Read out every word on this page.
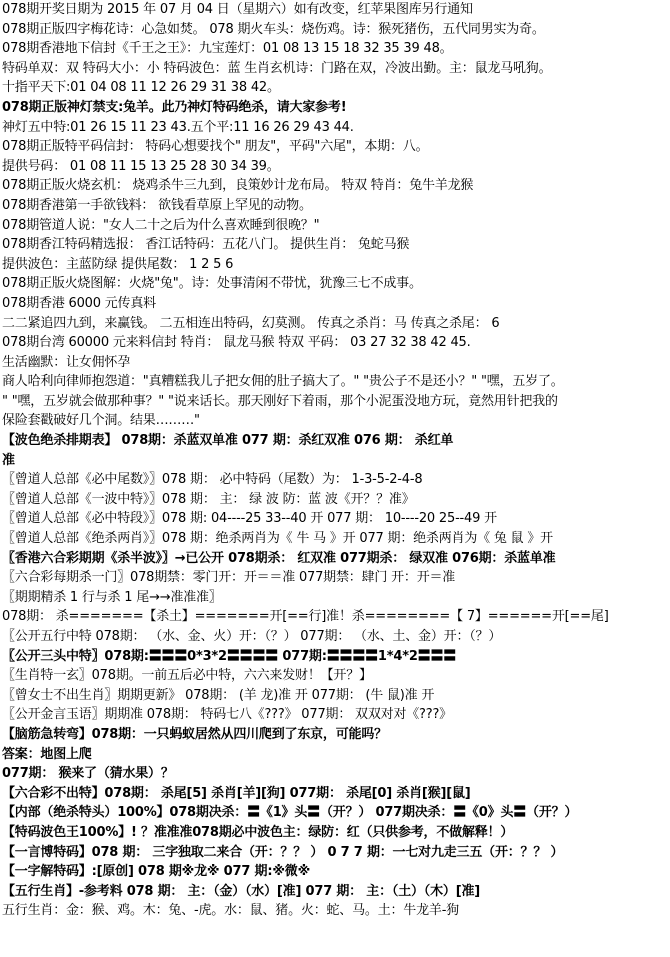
078期开奖日期为 2015 年 07 月 04 日（星期六）如有改变，红苹果图库另行通知
078期正版四字梅花诗：心急如焚。 078 期火车头：烧伤鸡。诗：猴死猪伤，五代同男实为奇。
078期香港地下信封《千王之王》：九宝莲灯：01 08 13 15 18 32 35 39 48。
特码单双：双 特码大小：小 特码波色：蓝 生肖玄机诗：门路在双，冷波出勤。主：鼠龙马吼狗。
十指平天下:01 04 08 11 12 26 29 31 38 42。
078期正版神灯禁支:兔羊。此乃神灯特码绝杀，请大家参考!
神灯五中特:01 26 15 11 23 43.五个平:11 16 26 29 43 44.
078期正版特平码信封： 特码心想要找个" 朋友"，平码"六尾"，本期：八。
提供号码： 01 08 11 15 13 25 28 30 34 39。
078期正版火烧玄机： 烧鸡杀牛三九到，良策妙计龙布局。 特双 特肖：兔牛羊龙猴
078期香港第一手欲钱料： 欲钱看草原上罕见的动物。
078期管道人说："女人二十之后为什么喜欢睡到很晚？"
078期香江特码精选报： 香江话特码：五花八门。 提供生肖： 兔蛇马猴
提供波色：主蓝防绿 提供尾数： 1 2 5 6
078期正版火烧图解：火烧"兔"。诗：处事清闲不带忧，犹豫三七不成事。
078期香港 6000 元传真料
二二紧追四九到，来赢钱。 二五相连出特码，幻莫测。 传真之杀肖：马 传真之杀尾： 6
078期台湾 60000 元来料信封 特肖： 鼠龙马猴 特双 平码： 03 27 32 38 42 45.
生活幽默：让女佣怀孕
商人哈利向律师抱怨道："真糟糕我儿子把女佣的肚子搞大了。" "贵公子不是还小？" "嘿，五岁了。
" "嘿，五岁就会做那种事？" "说来话长。那天刚好下着雨，那个小泥蛋没地方玩，竟然用针把我的
保险套戳破好几个洞。结果………"
【波色绝杀排期表】 078期：杀蓝双单准 077 期：杀红双准 076 期： 杀红单
准
〖曾道人总部《必中尾数》〗078 期： 必中特码（尾数）为： 1-3-5-2-4-8
〖曾道人总部《一波中特》〗078 期： 主： 绿 波 防：蓝 波《开？？准》
〖曾道人总部《必中特段》〗078 期: 04----25 33--40 开 077 期： 10----20 25--49 开
〖曾道人总部《绝杀两肖》〗078 期：绝杀两肖为《 牛 马 》开 077 期：绝杀两肖为《 兔 鼠 》开
〖香港六合彩期期《杀半波》〗→已公开 078期杀： 红双准 077期杀： 绿双准 076期：杀蓝单准
〖六合彩每期杀一门〗078期禁：零门开：开＝＝准 077期禁：肆门 开：开＝准
〖期期精杀 1 行与杀 1 尾→→准准准〗
078期： 杀=======【杀土】=======开[==行]准！杀========【 7】======开[==尾]
〖公开五行中特 078期： （水、金、火）开：（？） 077期： （水、土、金）开：（？）
〖公开三头中特〗078期:〓〓〓0*3*2〓〓〓〓 077期:〓〓〓〓1*4*2〓〓〓
〖生肖特一玄〗078期。一前五后必中特，六六来发财！【开？】
〖曾女士不出生肖〗期期更新》 078期： (羊 龙)准 开 077期： (牛 鼠)准 开
〖公开金言玉语〗期期准 078期： 特码七八《???》 077期： 双双对对《???》
【脑筋急转弯】078期：一只蚂蚁居然从四川爬到了东京，可能吗？
答案：地图上爬
077期： 猴来了（猜水果）？
【六合彩不出特】078期： 杀尾[5] 杀肖[羊][狗] 077期： 杀尾[0] 杀肖[猴][鼠]
【内部（绝杀特头）100%】078期决杀：〓《1》头〓（开？） 077期决杀：〓《0》头〓（开？）
【特码波色王100%】! ？准准准078期必中波色主：绿防：红（只供参考，不做解释！）
【一言博特码】078 期： 三字独取二来合（开：？？ ） 0 7 7 期：一七对九走三五（开：？？ ）
【一字解特码】:[原创] 078 期※龙※ 077 期:※微※
【五行生肖】-参考料 078 期： 主：（金）（水）[准] 077 期： 主：（土）（木）[准]
五行生肖：金：猴、鸡。木：兔、-虎。水：鼠、猪。火：蛇、马。土：牛龙羊-狗
